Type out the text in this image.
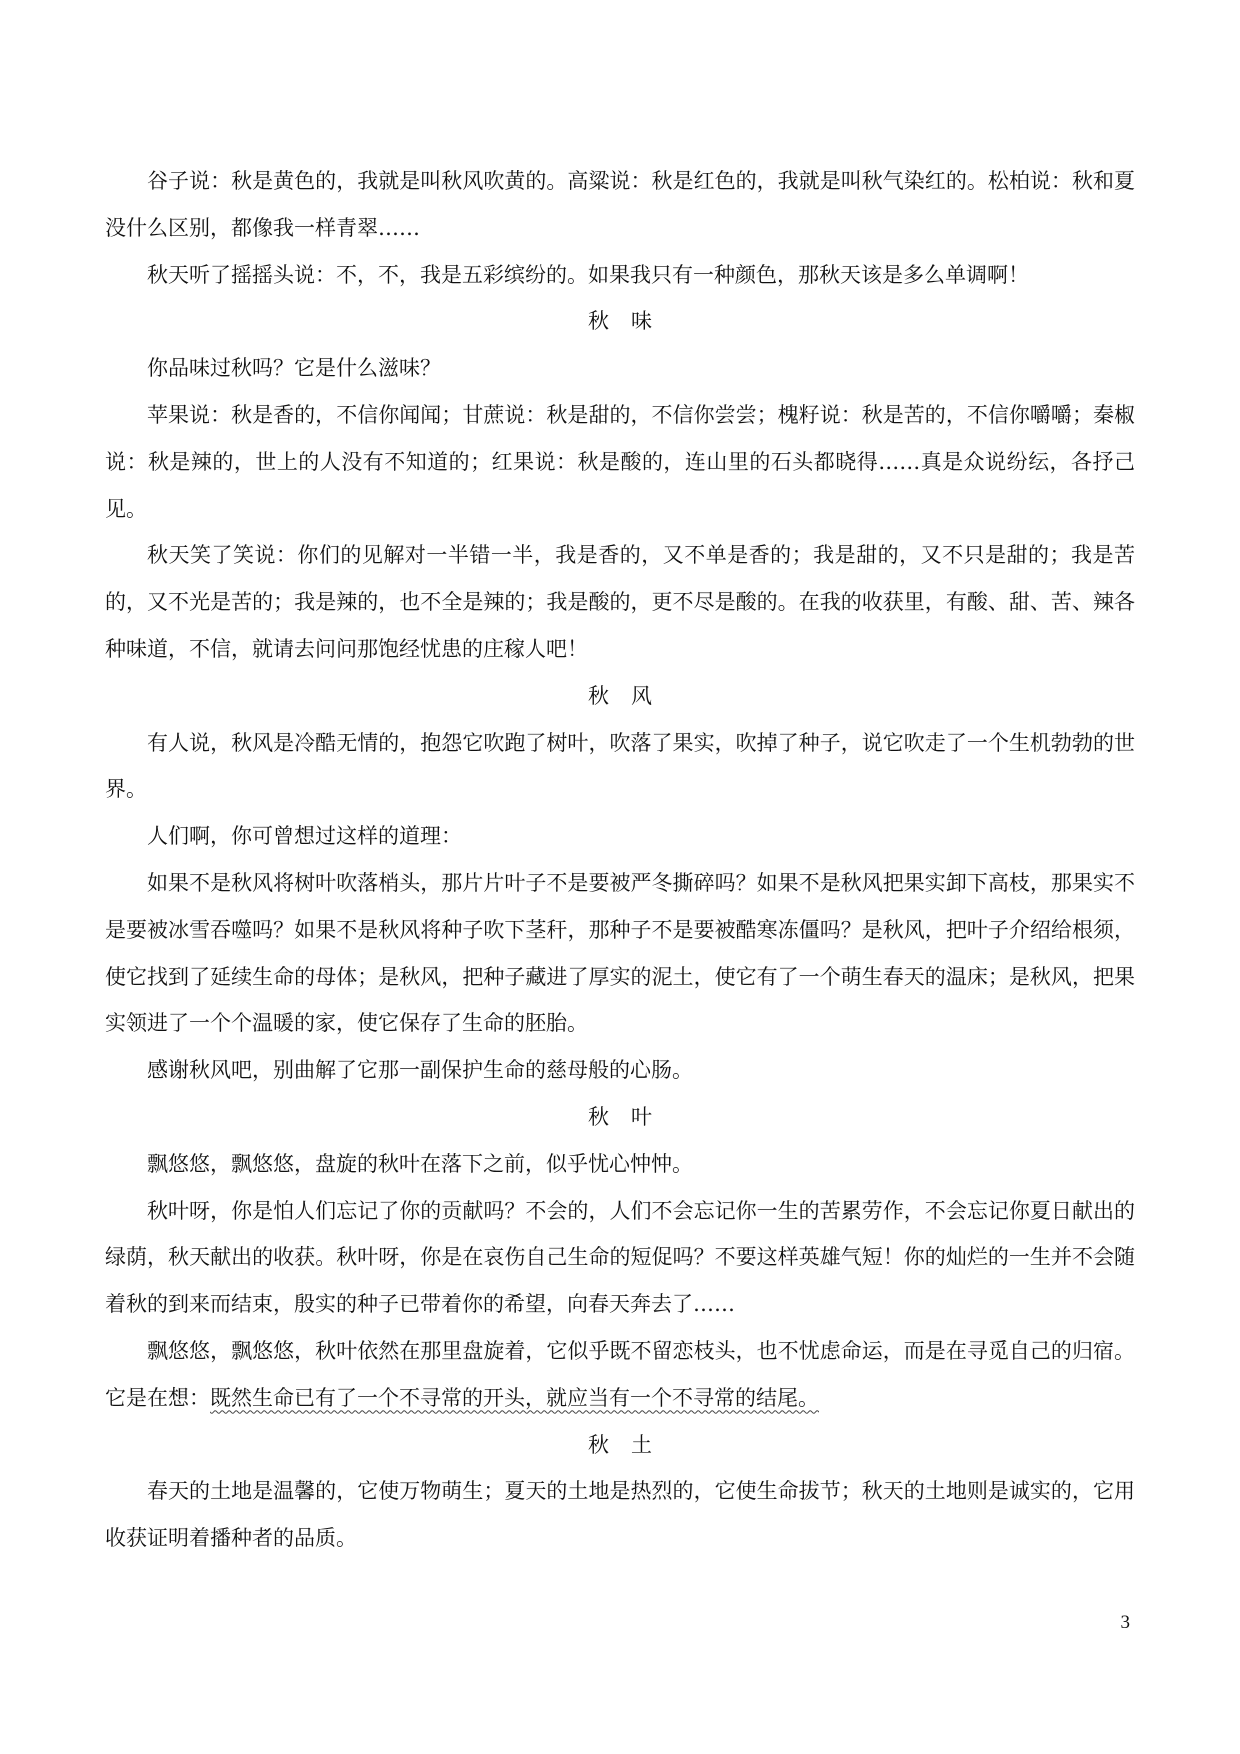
谷子说：秋是黄色的，我就是叫秋风吹黄的。高粱说：秋是红色的，我就是叫秋气染红的。松柏说：秋和夏没什么区别，都像我一样青翠……

秋天听了摇摇头说：不，不，我是五彩缤纷的。如果我只有一种颜色，那秋天该是多么单调啊！

秋 味

你品味过秋吗？它是什么滋味？

苹果说：秋是香的，不信你闻闻；甘蔗说：秋是甜的，不信你尝尝；槐籽说：秋是苦的，不信你嚼嚼；秦椒说：秋是辣的，世上的人没有不知道的；红果说：秋是酸的，连山里的石头都晓得……真是众说纷纭，各抒己见。

秋天笑了笑说：你们的见解对一半错一半，我是香的，又不单是香的；我是甜的，又不只是甜的；我是苦的，又不光是苦的；我是辣的，也不全是辣的；我是酸的，更不尽是酸的。在我的收获里，有酸、甜、苦、辣各种味道，不信，就请去问问那饱经忧患的庄稼人吧！

秋 风

有人说，秋风是冷酷无情的，抱怨它吹跑了树叶，吹落了果实，吹掉了种子，说它吹走了一个生机勃勃的世界。

人们啊，你可曾想过这样的道理：

如果不是秋风将树叶吹落梢头，那片片叶子不是要被严冬撕碎吗？如果不是秋风把果实卸下高枝，那果实不是要被冰雪吞噬吗？如果不是秋风将种子吹下茎秆，那种子不是要被酷寒冻僵吗？是秋风，把叶子介绍给根须，使它找到了延续生命的母体；是秋风，把种子藏进了厚实的泥土，使它有了一个萌生春天的温床；是秋风，把果实领进了一个个温暖的家，使它保存了生命的胚胎。

感谢秋风吧，别曲解了它那一副保护生命的慈母般的心肠。

秋 叶

飘悠悠，飘悠悠，盘旋的秋叶在落下之前，似乎忧心忡忡。

秋叶呀，你是怕人们忘记了你的贡献吗？不会的，人们不会忘记你一生的苦累劳作，不会忘记你夏日献出的绿荫，秋天献出的收获。秋叶呀，你是在哀伤自己生命的短促吗？不要这样英雄气短！你的灿烂的一生并不会随着秋的到来而结束，殷实的种子已带着你的希望，向春天奔去了……

飘悠悠，飘悠悠，秋叶依然在那里盘旋着，它似乎既不留恋枝头，也不忧虑命运，而是在寻觅自己的归宿。它是在想：既然生命已有了一个不寻常的开头，就应当有一个不寻常的结尾。

秋 土

春天的土地是温馨的，它使万物萌生；夏天的土地是热烈的，它使生命拔节；秋天的土地则是诚实的，它用收获证明着播种者的品质。

3
